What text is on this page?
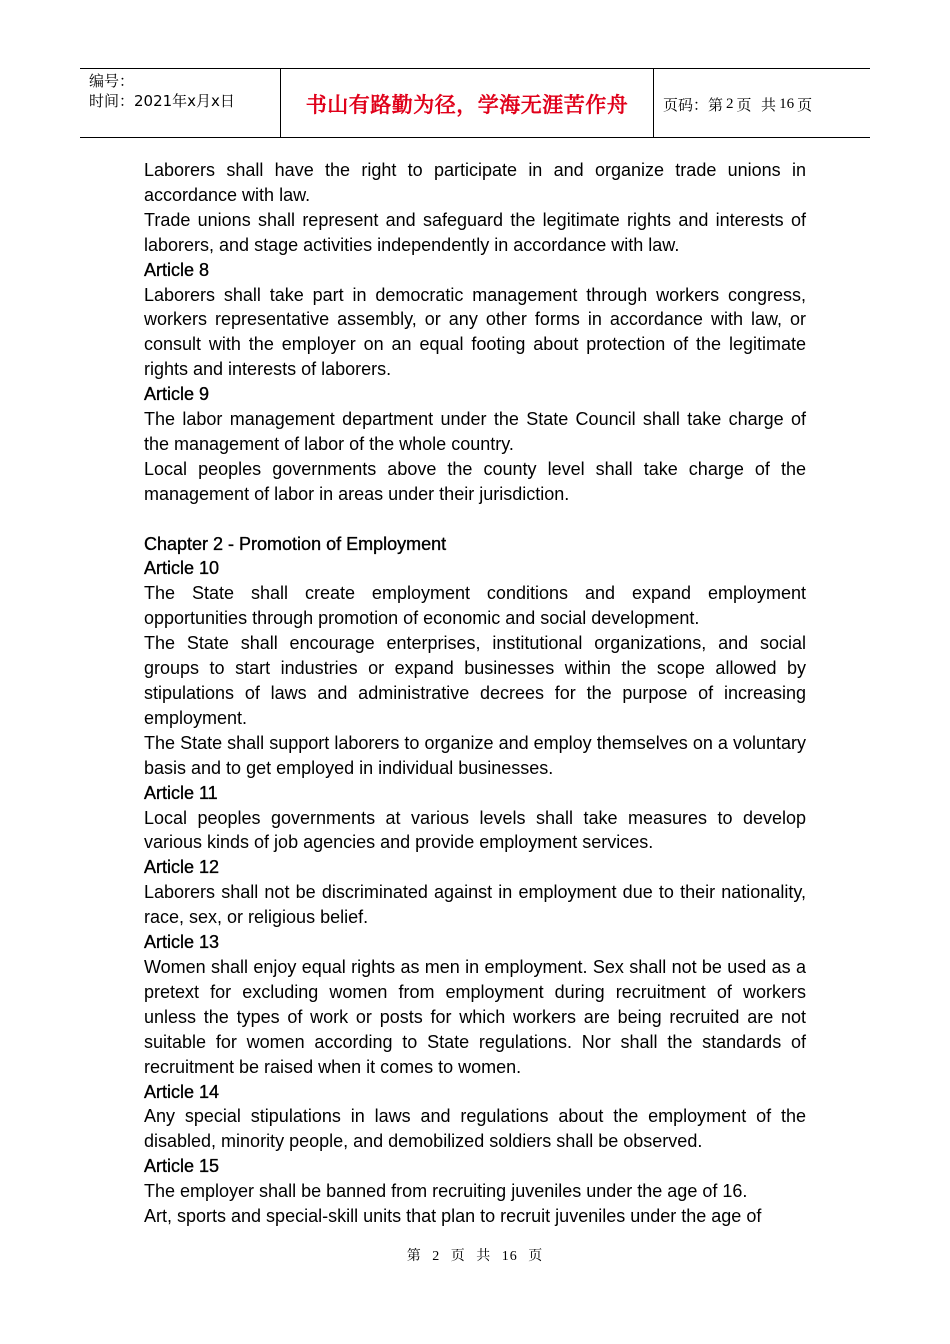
编号：
时间：2021年x月x日	书山有路勤为径，学海无涯苦作舟	页码：第 2 页  共 16 页

Laborers shall have the right to participate in and organize trade unions in accordance with law.

Trade unions shall represent and safeguard the legitimate rights and interests of laborers, and stage activities independently in accordance with law.

Article 8

Laborers shall take part in democratic management through workers congress, workers representative assembly, or any other forms in accordance with law, or consult with the employer on an equal footing about protection of the legitimate rights and interests of laborers.

Article 9

The labor management department under the State Council shall take charge of the management of labor of the whole country.

Local peoples governments above the county level shall take charge of the management of labor in areas under their jurisdiction.

Chapter 2 - Promotion of Employment

Article 10

The State shall create employment conditions and expand employment opportunities through promotion of economic and social development.

The State shall encourage enterprises, institutional organizations, and social groups to start industries or expand businesses within the scope allowed by stipulations of laws and administrative decrees for the purpose of increasing employment.

The State shall support laborers to organize and employ themselves on a voluntary basis and to get employed in individual businesses.

Article 11

Local peoples governments at various levels shall take measures to develop various kinds of job agencies and provide employment services.

Article 12

Laborers shall not be discriminated against in employment due to their nationality, race, sex, or religious belief.

Article 13

Women shall enjoy equal rights as men in employment. Sex shall not be used as a pretext for excluding women from employment during recruitment of workers unless the types of work or posts for which workers are being recruited are not suitable for women according to State regulations. Nor shall the standards of recruitment be raised when it comes to women.

Article 14

Any special stipulations in laws and regulations about the employment of the disabled, minority people, and demobilized soldiers shall be observed.

Article 15

The employer shall be banned from recruiting juveniles under the age of 16.

Art, sports and special-skill units that plan to recruit juveniles under the age of

第 2 页 共 16 页
